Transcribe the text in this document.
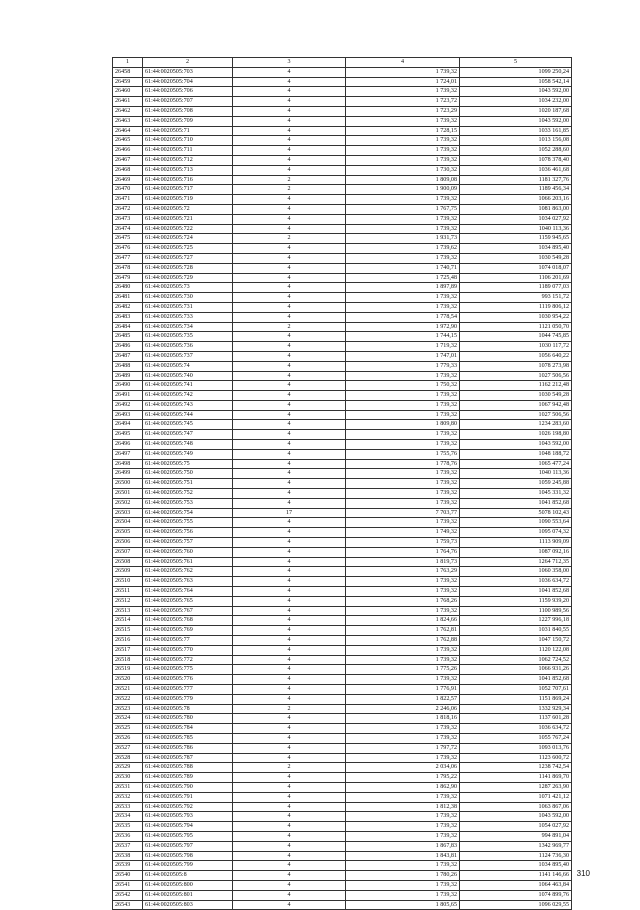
1	2	3	4	5
26458	61:44:0020505:703	4	1 739,32	1099 250,24
26459	61:44:0020505:704	4	1 724,01	1058 542,14
26460	61:44:0020505:706	4	1 739,32	1043 592,00
26461	61:44:0020505:707	4	1 723,72	1034 232,00
26462	61:44:0020505:708	4	1 723,29	1020 187,68
26463	61:44:0020505:709	4	1 739,32	1043 592,00
26464	61:44:0020505:71	4	1 728,15	1033 161,85
26465	61:44:0020505:710	4	1 739,32	1013 156,08
26466	61:44:0020505:711	4	1 739,32	1052 288,60
26467	61:44:0020505:712	4	1 739,32	1078 378,40
26468	61:44:0020505:713	4	1 730,32	1036 461,68
26469	61:44:0020505:716	2	1 809,08	1181 327,76
26470	61:44:0020505:717	2	1 900,09	1189 456,34
26471	61:44:0020505:719	4	1 739,32	1066 203,16
26472	61:44:0020505:72	4	1 767,75	1081 863,00
26473	61:44:0020505:721	4	1 739,32	1034 027,92
26474	61:44:0020505:722	4	1 739,32	1040 113,36
26475	61:44:0020505:724	2	1 931,73	1159 945,65
26476	61:44:0020505:725	4	1 739,62	1034 895,40
26477	61:44:0020505:727	4	1 739,32	1030 549,28
26478	61:44:0020505:728	4	1 740,71	1074 018,07
26479	61:44:0020505:729	4	1 725,48	1106 201,69
26480	61:44:0020505:73	4	1 897,89	1189 077,03
26481	61:44:0020505:730	4	1 739,32	993 151,72
26482	61:44:0020505:731	4	1 739,32	1119 806,12
26483	61:44:0020505:733	4	1 778,54	1030 954,22
26484	61:44:0020505:734	2	1 972,90	1121 050,70
26485	61:44:0020505:735	4	1 744,15	1044 745,85
26486	61:44:0020505:736	4	1 719,32	1030 117,72
26487	61:44:0020505:737	4	1 747,01	1056 640,22
26488	61:44:0020505:74	4	1 779,33	1078 273,98
26489	61:44:0020505:740	4	1 739,32	1027 506,56
26490	61:44:0020505:741	4	1 750,32	1162 212,48
26491	61:44:0020505:742	4	1 739,32	1030 549,28
26492	61:44:0020505:743	4	1 739,32	1067 942,48
26493	61:44:0020505:744	4	1 739,32	1027 506,56
26494	61:44:0020505:745	4	1 809,80	1234 283,60
26495	61:44:0020505:747	4	1 739,32	1026 198,80
26496	61:44:0020505:748	4	1 739,32	1043 592,00
26497	61:44:0020505:749	4	1 755,76	1048 188,72
26498	61:44:0020505:75	4	1 778,76	1065 477,24
26499	61:44:0020505:750	4	1 739,32	1040 113,36
26500	61:44:0020505:751	4	1 739,32	1059 245,88
26501	61:44:0020505:752	4	1 739,32	1045 331,32
26502	61:44:0020505:753	4	1 739,32	1041 852,68
26503	61:44:0020505:754	17	7 703,77	5078 102,43
26504	61:44:0020505:755	4	1 739,32	1090 553,64
26505	61:44:0020505:756	4	1 749,32	1095 074,32
26506	61:44:0020505:757	4	1 759,73	1113 909,09
26507	61:44:0020505:760	4	1 764,76	1087 092,16
26508	61:44:0020505:761	4	1 819,73	1264 712,35
26509	61:44:0020505:762	4	1 763,29	1060 358,00
26510	61:44:0020505:763	4	1 739,32	1036 634,72
26511	61:44:0020505:764	4	1 739,32	1041 852,68
26512	61:44:0020505:765	4	1 768,26	1159 939,20
26513	61:44:0020505:767	4	1 739,32	1100 989,56
26514	61:44:0020505:768	4	1 824,66	1227 996,18
26515	61:44:0020505:769	4	1 762,81	1031 840,55
26516	61:44:0020505:77	4	1 762,88	1047 150,72
26517	61:44:0020505:770	4	1 739,32	1120 122,08
26518	61:44:0020505:772	4	1 739,32	1062 724,52
26519	61:44:0020505:775	4	1 775,26	1066 931,26
26520	61:44:0020505:776	4	1 739,32	1041 852,68
26521	61:44:0020505:777	4	1 776,91	1052 707,61
26522	61:44:0020505:779	4	1 822,57	1151 869,24
26523	61:44:0020505:78	2	2 246,06	1332 929,34
26524	61:44:0020505:780	4	1 818,16	1137 601,28
26525	61:44:0020505:784	4	1 739,32	1036 634,72
26526	61:44:0020505:785	4	1 739,32	1055 767,24
26527	61:44:0020505:786	4	1 797,72	1093 013,76
26528	61:44:0020505:787	4	1 739,32	1123 600,72
26529	61:44:0020505:788	2	2 034,06	1238 742,54
26530	61:44:0020505:789	4	1 795,22	1141 869,70
26531	61:44:0020505:790	4	1 862,90	1287 263,90
26532	61:44:0020505:791	4	1 739,32	1071 421,12
26533	61:44:0020505:792	4	1 812,38	1063 867,06
26534	61:44:0020505:793	4	1 739,32	1043 592,00
26535	61:44:0020505:794	4	1 739,32	1054 027,92
26536	61:44:0020505:795	4	1 739,32	994 891,04
26537	61:44:0020505:797	4	1 867,83	1342 969,77
26538	61:44:0020505:798	4	1 843,81	1124 736,30
26539	61:44:0020505:799	4	1 739,32	1034 895,40
26540	61:44:0020505:8	4	1 780,26	1141 146,66
26541	61:44:0020505:800	4	1 739,32	1064 463,84
26542	61:44:0020505:801	4	1 739,32	1074 899,76
26543	61:44:0020505:803	4	1 805,65	1096 029,55
310
